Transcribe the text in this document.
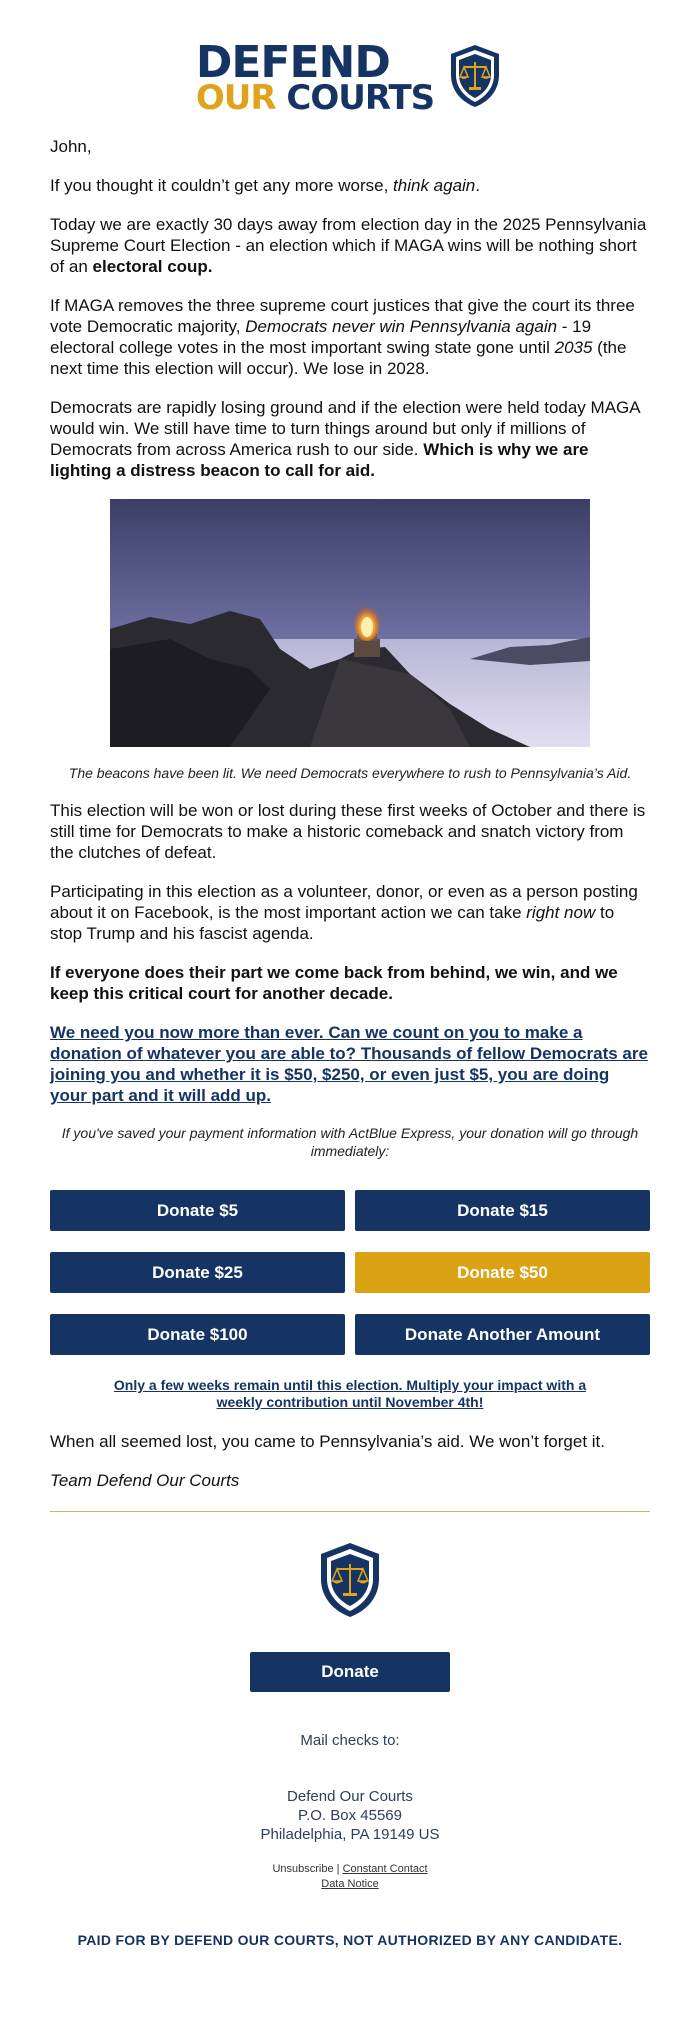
DEFEND
OUR COURTS

John,

If you thought it couldn’t get any more worse, think again.

Today we are exactly 30 days away from election day in the 2025 Pennsylvania Supreme Court Election - an election which if MAGA wins will be nothing short of an electoral coup.

If MAGA removes the three supreme court justices that give the court its three vote Democratic majority, Democrats never win Pennsylvania again - 19 electoral college votes in the most important swing state gone until 2035 (the next time this election will occur). We lose in 2028.

Democrats are rapidly losing ground and if the election were held today MAGA would win. We still have time to turn things around but only if millions of Democrats from across America rush to our side. Which is why we are lighting a distress beacon to call for aid.

The beacons have been lit. We need Democrats everywhere to rush to Pennsylvania’s Aid.

This election will be won or lost during these first weeks of October and there is still time for Democrats to make a historic comeback and snatch victory from the clutches of defeat.

Participating in this election as a volunteer, donor, or even as a person posting about it on Facebook, is the most important action we can take right now to stop Trump and his fascist agenda.

If everyone does their part we come back from behind, we win, and we keep this critical court for another decade.

We need you now more than ever. Can we count on you to make a donation of whatever you are able to? Thousands of fellow Democrats are joining you and whether it is $50, $250, or even just $5, you are doing your part and it will add up.

If you've saved your payment information with ActBlue Express, your donation will go through immediately:

Donate $5	Donate $15
Donate $25	Donate $50
Donate $100	Donate Another Amount
Only a few weeks remain until this election. Multiply your impact with a weekly contribution until November 4th!

When all seemed lost, you came to Pennsylvania’s aid. We won’t forget it.

Team Defend Our Courts

Donate
Mail checks to:
Defend Our Courts
P.O. Box 45569
Philadelphia, PA 19149 US
Unsubscribe | Constant Contact
Data Notice
PAID FOR BY DEFEND OUR COURTS, NOT AUTHORIZED BY ANY CANDIDATE.
